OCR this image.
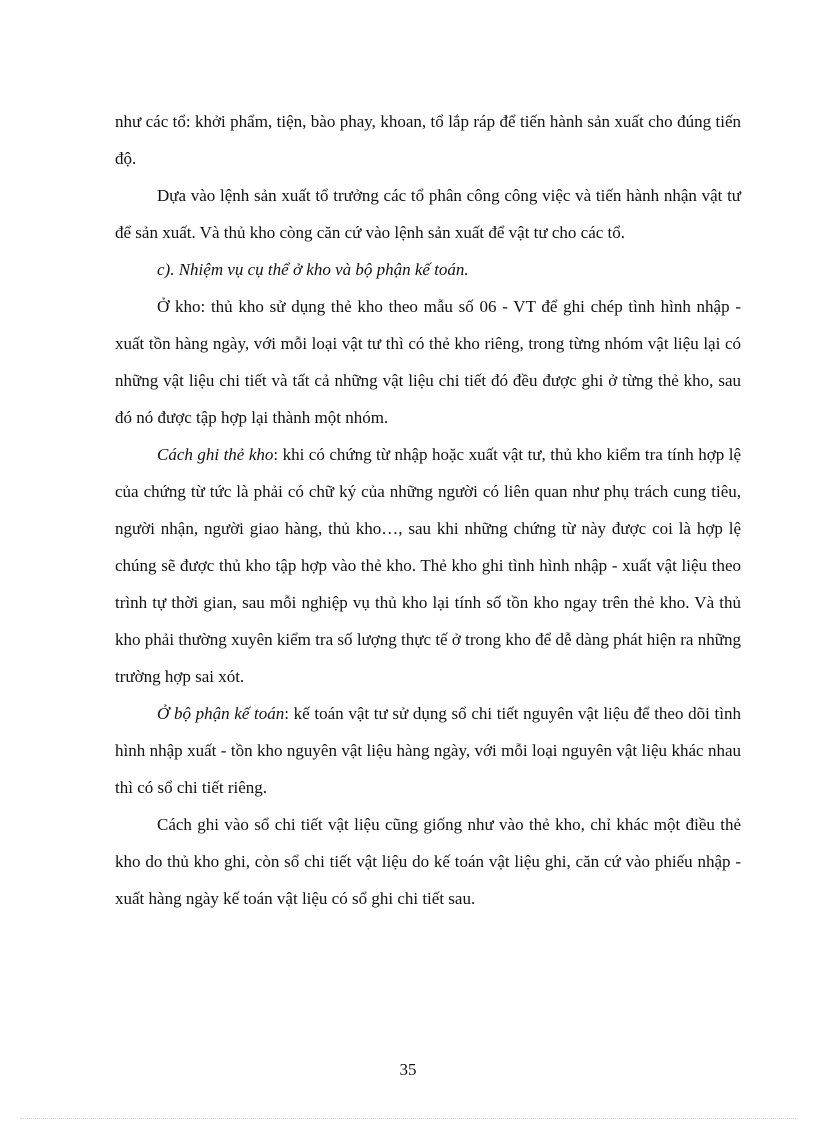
như các tổ: khởi phẩm, tiện, bào phay, khoan, tổ lắp ráp để tiến hành sản xuất cho đúng tiến độ.

Dựa vào lệnh sản xuất tổ trưởng các tổ phân công công việc và tiến hành nhận vật tư để sản xuất. Và thủ kho còng căn cứ vào lệnh sản xuất để vật tư cho các tổ.

c). Nhiệm vụ cụ thể ở kho và bộ phận kế toán.

Ở kho: thủ kho sử dụng thẻ kho theo mẫu số 06 - VT để ghi chép tình hình nhập - xuất tồn hàng ngày, với mỗi loại vật tư thì có thẻ kho riêng, trong từng nhóm vật liệu lại có những vật liệu chi tiết và tất cả những vật liệu chi tiết đó đều được ghi ở từng thẻ kho, sau đó nó được tập hợp lại thành một nhóm.

Cách ghi thẻ kho: khi có chứng từ nhập hoặc xuất vật tư, thủ kho kiểm tra tính hợp lệ của chứng từ tức là phải có chữ ký của những người có liên quan như phụ trách cung tiêu, người nhận, người giao hàng, thủ kho…, sau khi những chứng từ này được coi là hợp lệ chúng sẽ được thủ kho tập hợp vào thẻ kho. Thẻ kho ghi tình hình nhập - xuất vật liệu theo trình tự thời gian, sau mỗi nghiệp vụ thủ kho lại tính số tồn kho ngay trên thẻ kho. Và thủ kho phải thường xuyên kiểm tra số lượng thực tế ở trong kho để dễ dàng phát hiện ra những trường hợp sai xót.

Ở bộ phận kế toán: kế toán vật tư sử dụng sổ chi tiết nguyên vật liệu để theo dõi tình hình nhập xuất - tồn kho nguyên vật liệu hàng ngày, với mỗi loại nguyên vật liệu khác nhau thì có sổ chi tiết riêng.

Cách ghi vào sổ chi tiết vật liệu cũng giống như vào thẻ kho, chỉ khác một điều thẻ kho do thủ kho ghi, còn sổ chi tiết vật liệu do kế toán vật liệu ghi, căn cứ vào phiếu nhập - xuất hàng ngày kế toán vật liệu có sổ ghi chi tiết sau.

35
